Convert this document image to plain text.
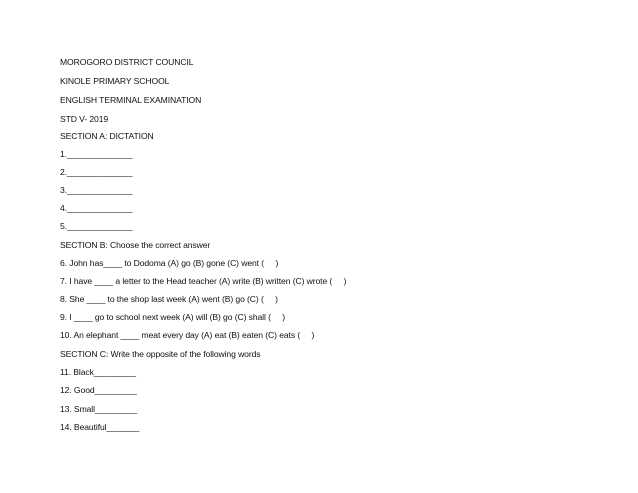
MOROGORO DISTRICT COUNCIL
KINOLE PRIMARY SCHOOL
ENGLISH TERMINAL EXAMINATION
STD V- 2019
SECTION A: DICTATION
1.______________
2.______________
3.______________
4.______________
5.______________
SECTION B: Choose the correct answer
6. John has____ to Dodoma (A) go (B) gone (C) went (     )
7. I have ____ a letter to the Head teacher (A) write (B) written (C) wrote (     )
8. She ____ to the shop last week (A) went (B) go (C) (     )
9. I ____ go to school next week (A) will (B) go (C) shall (     )
10. An elephant ____ meat every day (A) eat (B) eaten (C) eats (     )
SECTION C: Write the opposite of the following words
11. Black_________
12. Good_________
13. Small_________
14. Beautiful_______
